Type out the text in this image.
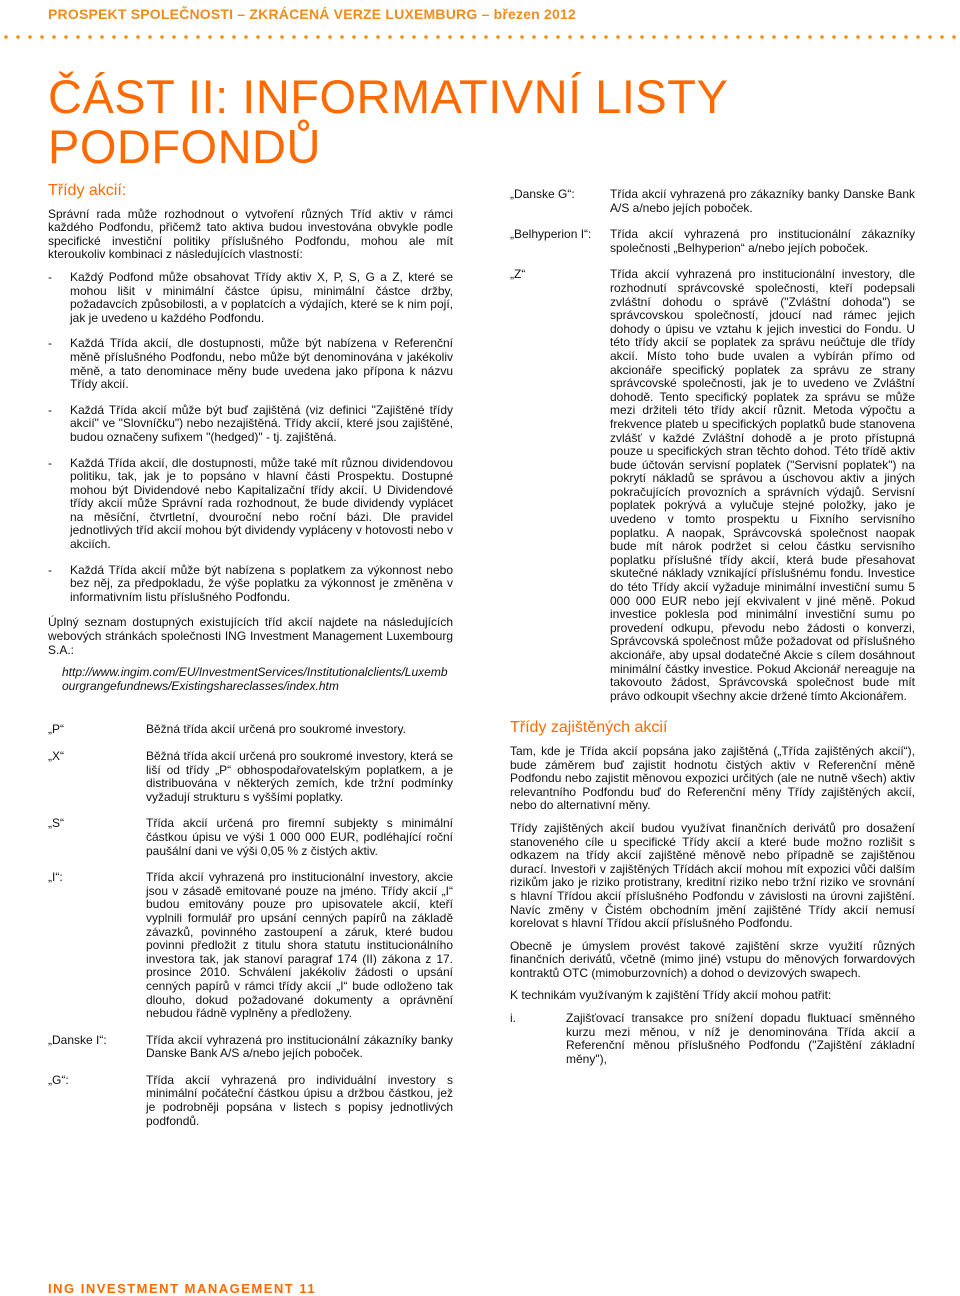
PROSPEKT SPOLEČNOSTI – ZKRÁCENÁ VERZE LUXEMBURG – březen 2012
ČÁST II: INFORMATIVNÍ LISTY PODFONDŮ
Třídy akcií:

Správní rada může rozhodnout o vytvoření různých Tříd aktiv v rámci každého Podfondu, přičemž tato aktiva budou investována obvykle podle specifické investiční politiky příslušného Podfondu, mohou ale mít kteroukoliv kombinaci z následujících vlastností:

-	Každý Podfond může obsahovat Třídy aktiv X, P, S, G a Z, které se mohou lišit v minimální částce úpisu, minimální částce držby, požadavcích způsobilosti, a v poplatcích a výdajích, které se k nim pojí, jak je uvedeno u každého Podfondu.
-	Každá Třída akcií, dle dostupnosti, může být nabízena v Referenční měně příslušného Podfondu, nebo může být denominována v jakékoliv měně, a tato denominace měny bude uvedena jako přípona k názvu Třídy akcií.
-	Každá Třída akcií může být buď zajištěná (viz definici "Zajištěné třídy akcií" ve "Slovníčku") nebo nezajištěná. Třídy akcií, které jsou zajištěné, budou označeny sufixem "(hedged)" - tj. zajištěná.
-	Každá Třída akcií, dle dostupnosti, může také mít různou dividendovou politiku, tak, jak je to popsáno v hlavní části Prospektu. Dostupné mohou být Dividendové nebo Kapitalizační třídy akcií. U Dividendové třídy akcií může Správní rada rozhodnout, že bude dividendy vyplácet na měsíční, čtvrtletní, dvouroční nebo roční bázi. Dle pravidel jednotlivých tříd akcií mohou být dividendy vypláceny v hotovosti nebo v akciích.
-	Každá Třída akcií může být nabízena s poplatkem za výkonnost nebo bez něj, za předpokladu, že výše poplatku za výkonnost je změněna v informativním listu příslušného Podfondu.

Úplný seznam dostupných existujících tříd akcií najdete na následujících webových stránkách společnosti ING Investment Management Luxembourg S.A.:

http://www.ingim.com/EU/InvestmentServices/Institutionalclients/Luxembourgrangefundnews/Existingshareclasses/index.htm
„P“	Běžná třída akcií určená pro soukromé investory.
„X“	Běžná třída akcií určená pro soukromé investory, která se liší od třídy „P“ obhospodařovatelským poplatkem, a je distribuována v některých zemích, kde tržní podmínky vyžadují strukturu s vyššími poplatky.
„S“	Třída akcií určená pro firemní subjekty s minimální částkou úpisu ve výši 1 000 000 EUR, podléhající roční paušální dani ve výši 0,05 % z čistých aktiv.
„I“:	Třída akcií vyhrazená pro institucionální investory, akcie jsou v zásadě emitované pouze na jméno. Třídy akcií „I“ budou emitovány pouze pro upisovatele akcií, kteří vyplnili formulář pro upsání cenných papírů na základě závazků, povinného zastoupení a záruk, které budou povinni předložit z titulu shora statutu institucionálního investora tak, jak stanoví paragraf 174 (II) zákona z 17. prosince 2010. Schválení jakékoliv žádosti o upsání cenných papírů v rámci třídy akcií „I“ bude odloženo tak dlouho, dokud požadované dokumenty a oprávnění nebudou řádně vyplněny a předloženy.
„Danske I“:	Třída akcií vyhrazená pro institucionální zákazníky banky Danske Bank A/S a/nebo jejích poboček.
„G“:	Třída akcií vyhrazená pro individuální investory s minimální počáteční částkou úpisu a držbou částkou, jež je podrobněji popsána v listech s popisy jednotlivých podfondů.
„Danske G“:	Třída akcií vyhrazená pro zákazníky banky Danske Bank A/S a/nebo jejích poboček.
„Belhyperion I“:	Třída akcií vyhrazená pro institucionální zákazníky společnosti „Belhyperion“ a/nebo jejích poboček.
„Z“	Třída akcií vyhrazená pro institucionální investory, dle rozhodnutí správcovské společnosti, kteří podepsali zvláštní dohodu o správě ("Zvláštní dohoda") se správcovskou společností, jdoucí nad rámec jejich dohody o úpisu ve vztahu k jejich investici do Fondu. U této třídy akcií se poplatek za správu neúčtuje dle třídy akcií. Místo toho bude uvalen a vybírán přímo od akcionáře specifický poplatek za správu ze strany správcovské společnosti, jak je to uvedeno ve Zvláštní dohodě. Tento specifický poplatek za správu se může mezi držiteli této třídy akcií různit. Metoda výpočtu a frekvence plateb u specifických poplatků bude stanovena zvlášť v každé Zvláštní dohodě a je proto přístupná pouze u specifických stran těchto dohod. Této třídě aktiv bude účtován servisní poplatek ("Servisní poplatek") na pokrytí nákladů se správou a úschovou aktiv a jiných pokračujících provozních a správních výdajů. Servisní poplatek pokrývá a vylučuje stejné položky, jako je uvedeno v tomto prospektu u Fixního servisního poplatku. A naopak, Správcovská společnost naopak bude mít nárok podržet si celou částku servisního poplatku příslušné třídy akcií, která bude přesahovat skutečné náklady vznikající příslušnému fondu. Investice do této Třídy akcií vyžaduje minimální investiční sumu 5 000 000 EUR nebo její ekvivalent v jiné měně. Pokud investice poklesla pod minimální investiční sumu po provedení odkupu, převodu nebo žádosti o konverzi, Správcovská společnost může požadovat od příslušného akcionáře, aby upsal dodatečné Akcie s cílem dosáhnout minimální částky investice. Pokud Akcionář nereaguje na takovouto žádost, Správcovská společnost bude mít právo odkoupit všechny akcie držené tímto Akcionářem.
Třídy zajištěných akcií

Tam, kde je Třída akcií popsána jako zajištěná („Třída zajištěných akcií“), bude záměrem buď zajistit hodnotu čistých aktiv v Referenční měně Podfondu nebo zajistit měnovou expozici určitých (ale ne nutně všech) aktiv relevantního Podfondu buď do Referenční měny Třídy zajištěných akcií, nebo do alternativní měny.

Třídy zajištěných akcií budou využívat finančních derivátů pro dosažení stanoveného cíle u specifické Třídy akcií a které bude možno rozlišit s odkazem na třídy akcií zajištěné měnově nebo případně se zajištěnou durací. Investoři v zajištěných Třídách akcií mohou mít expozici vůči dalším rizikům jako je riziko protistrany, kreditní riziko nebo tržní riziko ve srovnání s hlavní Třídou akcií příslušného Podfondu v závislosti na úrovni zajištění. Navíc změny v Čistém obchodním jmění zajištěné Třídy akcií nemusí korelovat s hlavní Třídou akcií příslušného Podfondu.

Obecně je úmyslem provést takové zajištění skrze využití různých finančních derivátů, včetně (mimo jiné) vstupu do měnových forwardových kontraktů OTC (mimoburzovních) a dohod o devizových swapech.

K technikám využívaným k zajištění Třídy akcií mohou patřit:

i.	Zajišťovací transakce pro snížení dopadu fluktuací směnného kurzu mezi měnou, v níž je denominována Třída akcií a Referenční měnou příslušného Podfondu ("Zajištění základní měny"),
ING INVESTMENT MANAGEMENT 11
